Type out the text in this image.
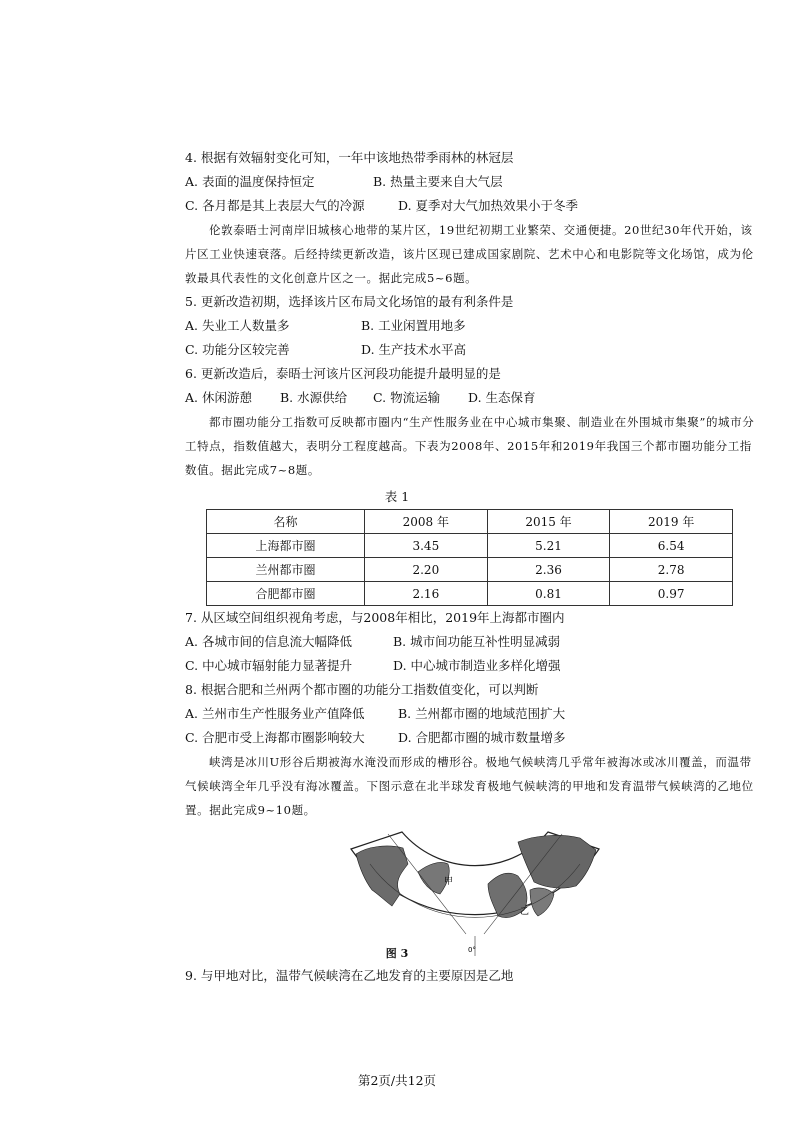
4. 根据有效辐射变化可知，一年中该地热带季雨林的林冠层
A. 表面的温度保持恒定	B. 热量主要来自大气层
C. 各月都是其上表层大气的冷源	D. 夏季对大气加热效果小于冬季
伦敦泰晤士河南岸旧城核心地带的某片区，19世纪初期工业繁荣、交通便捷。20世纪30年代开始，该片区工业快速衰落。后经持续更新改造，该片区现已建成国家剧院、艺术中心和电影院等文化场馆，成为伦敦最具代表性的文化创意片区之一。据此完成5~6题。
5. 更新改造初期，选择该片区布局文化场馆的最有利条件是
A. 失业工人数量多	B. 工业闲置用地多
C. 功能分区较完善	D. 生产技术水平高
6. 更新改造后，泰晤士河该片区河段功能提升最明显的是
A. 休闲游憩 B. 水源供给 C. 物流运输 D. 生态保育
都市圈功能分工指数可反映都市圈内“生产性服务业在中心城市集聚、制造业在外围城市集聚”的城市分工特点，指数值越大，表明分工程度越高。下表为2008年、2015年和2019年我国三个都市圈功能分工指数值。据此完成7~8题。
表 1
名称	2008 年	2015 年	2019 年
上海都市圈	3.45	5.21	6.54
兰州都市圈	2.20	2.36	2.78
合肥都市圈	2.16	0.81	0.97
7. 从区域空间组织视角考虑，与2008年相比，2019年上海都市圈内
A. 各城市间的信息流大幅降低	B. 城市间功能互补性明显减弱
C. 中心城市辐射能力显著提升	D. 中心城市制造业多样化增强
8. 根据合肥和兰州两个都市圈的功能分工指数值变化，可以判断
A. 兰州市生产性服务业产值降低	B. 兰州都市圈的地域范围扩大
C. 合肥市受上海都市圈影响较大	D. 合肥都市圈的城市数量增多
峡湾是冰川U形谷后期被海水淹没而形成的槽形谷。极地气候峡湾几乎常年被海冰或冰川覆盖，而温带气候峡湾全年几乎没有海冰覆盖。下图示意在北半球发育极地气候峡湾的甲地和发育温带气候峡湾的乙地位置。据此完成9~10题。
甲
乙
0°
图 3
9. 与甲地对比，温带气候峡湾在乙地发育的主要原因是乙地
第2页/共12页
